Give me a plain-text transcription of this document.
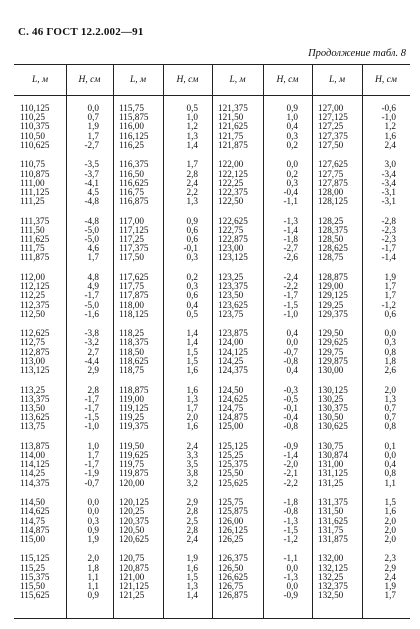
С. 46 ГОСТ 12.2.002—91
Продолжение табл. 8
L, м	H, см	L, м	H, см	L, м	H, см	L, м	H, см
110,125	0,0 115,75	0,5 121,375	0,9 127,00	-0,6
110,25	0,7 115,875	1,0 121,50	1,0 127,125	-1,0
110,375	1,9 116,00	1,2 121,625	0,4 127,25	1,2
110,50	1,7 116,125	1,3 121,75	0,3 127,375	1,6
110,625	-2,7 116,25	1,4 121,875	0,2 127,50	2,4
110,75	-3,5 116,375	1,7 122,00	0,0 127,625	3,0
110,875	-3,7 116,50	2,8 122,125	0,2 127,75	-3,4
111,00	-4,1 116,625	2,4 122,25	0,3 127,875	-3,4
111,125	4,5 116,75	2,2 122,375	-0,4 128,00	-3,1
111,25	-4,8 116,875	1,3 122,50	-1,1 128,125	-3,1
111,375	-4,8 117,00	0,9 122,625	-1,3 128,25	-2,8
111,50	-5,0 117,125	0,6 122,75	-1,4 128,375	-2,3
111,625	-5,0 117,25	0,6 122,875	-1,8 128,50	-2,3
111,75	4,6 117,375	-0,1 123,00	-2,7 128,625	-1,7
111,875	1,7 117,50	0,3 123,125	-2,6 128,75	-1,4
112,00	4,8 117,625	0,2 123,25	-2,4 128,875	1,9
112,125	4,9 117,75	0,3 123,375	-2,2 129,00	1,7
112,25	-1,7 117,875	0,6 123,50	-1,7 129,125	1,7
112,375	-5,0 118,00	0,4 123,625	-1,5 129,25	-1,2
112,50	-1,6 118,125	0,5 123,75	-1,0 129,375	0,6
112,625	-3,8 118,25	1,4 123,875	0,4 129,50	0,0
112,75	-3,2 118,375	1,4 124,00	0,0 129,625	0,3
112,875	2,7 118,50	1,5 124,125	-0,7 129,75	0,8
113,00	-4,4 118,625	1,5 124,25	-0,8 129,875	1,8
113,125	2,9 118,75	1,6 124,375	0,4 130,00	2,6
113,25	2,8 118,875	1,6 124,50	-0,3 130,125	2,0
113,375	-1,7 119,00	1,3 124,625	-0,5 130,25	1,3
113,50	-1,7 119,125	1,7 124,75	-0,1 130,375	0,7
113,625	-1,5 119,25	2,0 124,875	-0,4 130,50	0,7
113,75	-1,0 119,375	1,6 125,00	-0,8 130,625	0,8
113,875	1,0 119,50	2,4 125,125	-0,9 130,75	0,1
114,00	1,7 119,625	3,3 125,25	-1,4 130,874	0,0
114,125	-1,7 119,75	3,5 125,375	-2,0 131,00	0,4
114,25	-1,9 119,875	3,8 125,50	-2,1 131,125	0,8
114,375	-0,7 120,00	3,2 125,625	-2,2 131,25	1,1
114,50	0,0 120,125	2,9 125,75	-1,8 131,375	1,5
114,625	0,0 120,25	2,8 125,875	-0,8 131,50	1,6
114,75	0,3 120,375	2,5 126,00	-1,3 131,625	2,0
114,875	0,9 120,50	2,8 126,125	-1,5 131,75	2,0
115,00	1,9 120,625	2,4 126,25	-1,2 131,875	2,0
115,125	2,0 120,75	1,9 126,375	-1,1 132,00	2,3
115,25	1,8 120,875	1,6 126,50	0,0 132,125	2,9
115,375	1,1 121,00	1,5 126,625	-1,3 132,25	2,4
115,50	1,1 121,125	1,3 126,75	0,0 132,375	1,9
115,625	0,9 121,25	1,4 126,875	-0,9 132,50	1,7
